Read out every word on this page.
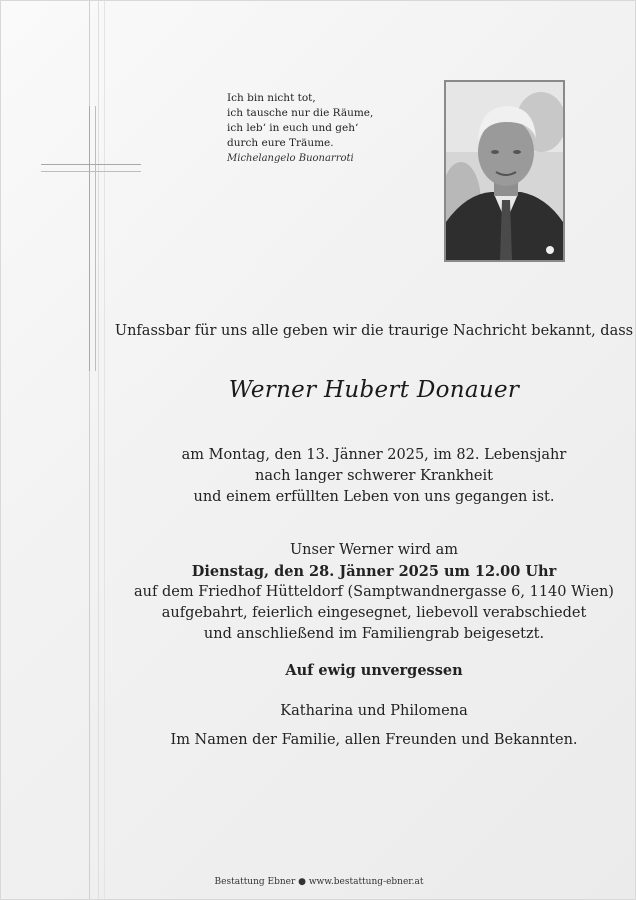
Ich bin nicht tot,
ich tausche nur die Räume,
ich leb‘ in euch und geh‘
durch eure Träume.
Michelangelo Buonarroti
Unfassbar für uns alle geben wir die traurige Nachricht bekannt, dass
Werner Hubert Donauer
am Montag, den 13. Jänner 2025, im 82. Lebensjahr
nach langer schwerer Krankheit
und einem erfüllten Leben von uns gegangen ist.
Unser Werner wird am
Dienstag, den 28. Jänner 2025 um 12.00 Uhr
auf dem Friedhof Hütteldorf (Samptwandnergasse 6, 1140 Wien)
aufgebahrt, feierlich eingesegnet, liebevoll verabschiedet
und anschließend im Familiengrab beigesetzt.
Auf ewig unvergessen
Katharina und Philomena
Im Namen der Familie, allen Freunden und Bekannten.
Bestattung Ebner ● www.bestattung-ebner.at
